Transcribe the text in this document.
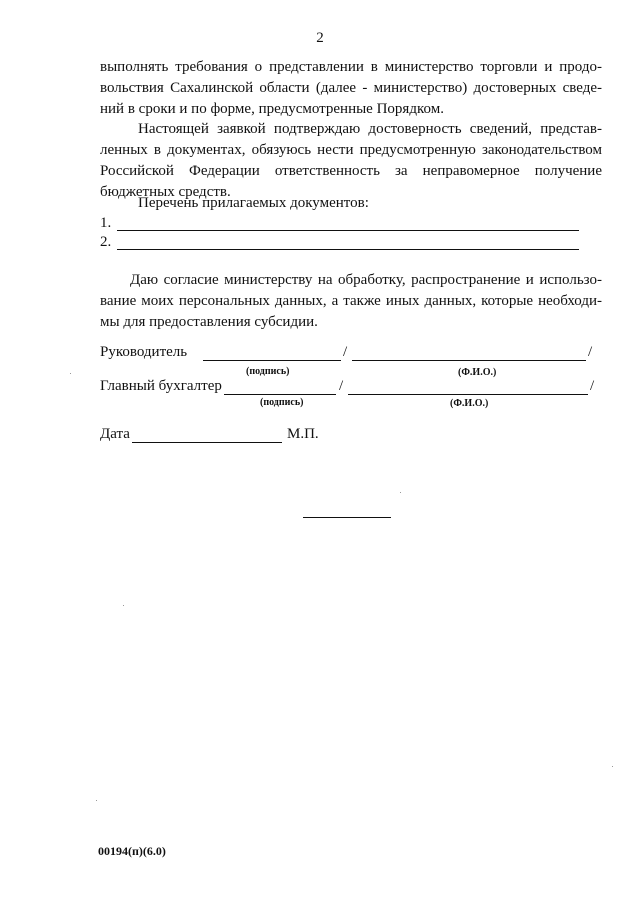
2
выполнять требования о представлении в министерство торговли и продо-
вольствия Сахалинской области (далее - министерство) достоверных сведе-
ний в сроки и по форме, предусмотренные Порядком.
Настоящей заявкой подтверждаю достоверность сведений, представ-
ленных в документах, обязуюсь нести предусмотренную законодательством
Российской Федерации ответственность за неправомерное получение
бюджетных средств.
Перечень прилагаемых документов:
1.
2.
Даю согласие министерству на обработку, распространение и использо-
вание моих персональных данных, а также иных данных, которые необходи-
мы для предоставления субсидии.
Руководитель	/	/
(подпись)	(Ф.И.О.)
Главный бухгалтер	/	/
(подпись)	(Ф.И.О.)
Дата	М.П.
00194(п)(6.0)
